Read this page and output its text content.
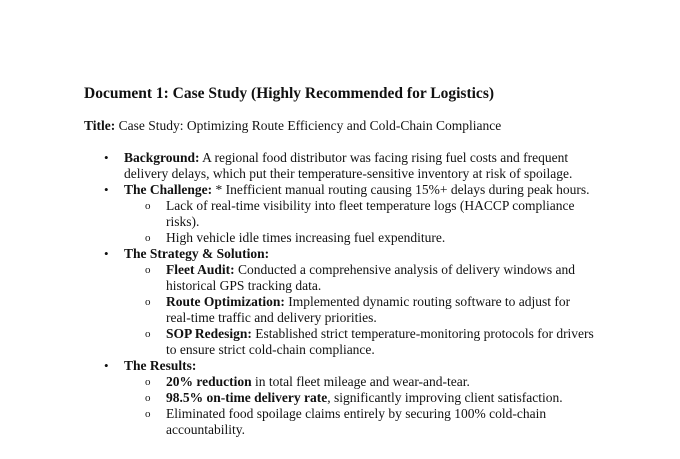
Document 1: Case Study (Highly Recommended for Logistics)
Title: Case Study: Optimizing Route Efficiency and Cold-Chain Compliance
• Background: A regional food distributor was facing rising fuel costs and frequent delivery delays, which put their temperature-sensitive inventory at risk of spoilage.
• The Challenge: * Inefficient manual routing causing 15%+ delays during peak hours.
o Lack of real-time visibility into fleet temperature logs (HACCP compliance risks).
o High vehicle idle times increasing fuel expenditure.
• The Strategy & Solution:
o Fleet Audit: Conducted a comprehensive analysis of delivery windows and historical GPS tracking data.
o Route Optimization: Implemented dynamic routing software to adjust for real-time traffic and delivery priorities.
o SOP Redesign: Established strict temperature-monitoring protocols for drivers to ensure strict cold-chain compliance.
• The Results:
o 20% reduction in total fleet mileage and wear-and-tear.
o 98.5% on-time delivery rate, significantly improving client satisfaction.
o Eliminated food spoilage claims entirely by securing 100% cold-chain accountability.
